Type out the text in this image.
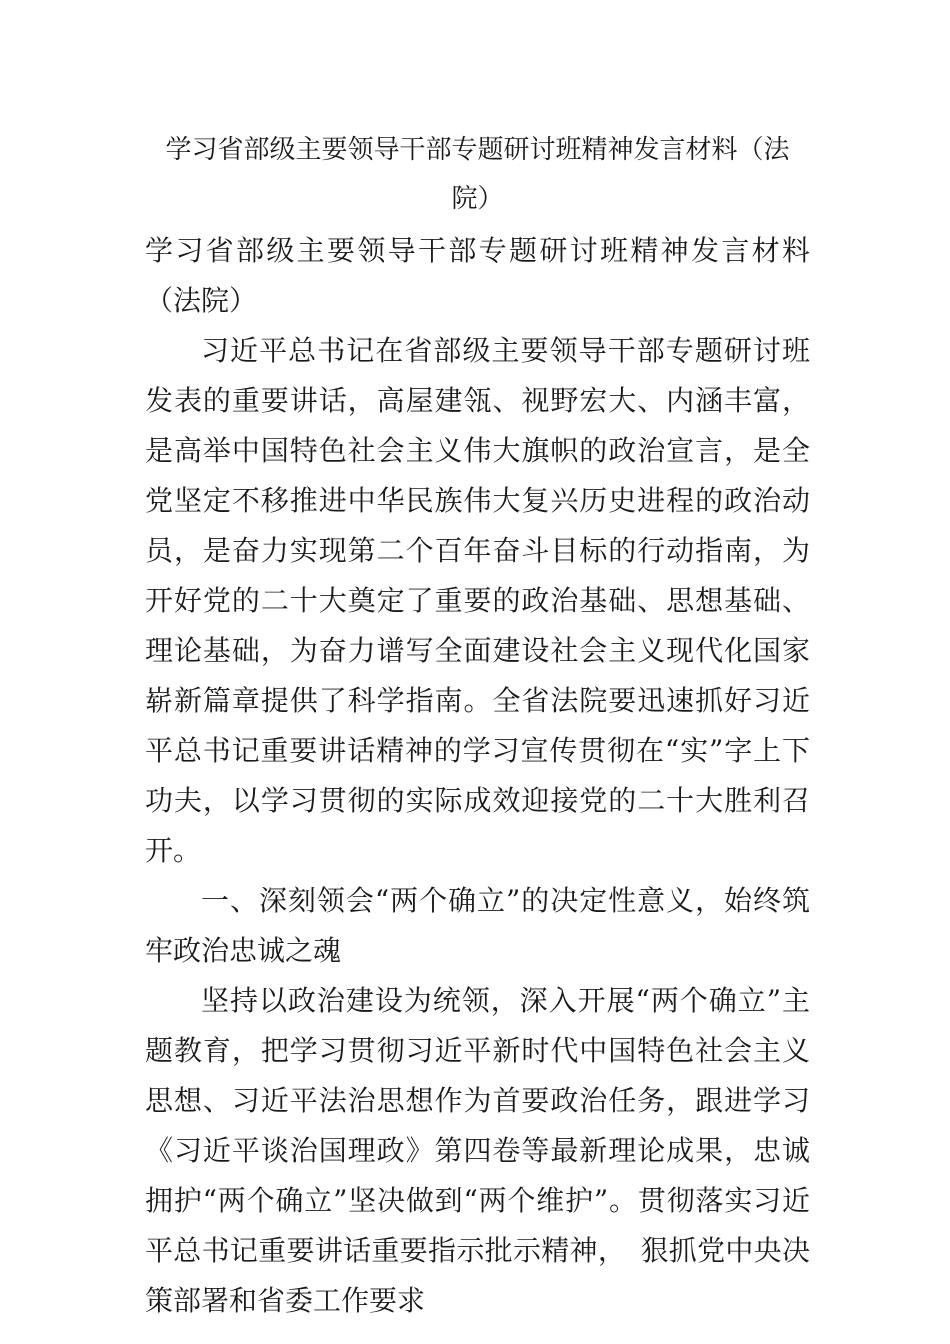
学习省部级主要领导干部专题研讨班精神发言材料（法院）

学习省部级主要领导干部专题研讨班精神发言材料（法院）

习近平总书记在省部级主要领导干部专题研讨班发表的重要讲话，高屋建瓴、视野宏大、内涵丰富，是高举中国特色社会主义伟大旗帜的政治宣言，是全党坚定不移推进中华民族伟大复兴历史进程的政治动员，是奋力实现第二个百年奋斗目标的行动指南，为开好党的二十大奠定了重要的政治基础、思想基础、理论基础，为奋力谱写全面建设社会主义现代化国家崭新篇章提供了科学指南。全省法院要迅速抓好习近平总书记重要讲话精神的学习宣传贯彻在“实”字上下功夫，以学习贯彻的实际成效迎接党的二十大胜利召开。

一、深刻领会“两个确立”的决定性意义，始终筑牢政治忠诚之魂

坚持以政治建设为统领，深入开展“两个确立”主题教育，把学习贯彻习近平新时代中国特色社会主义思想、习近平法治思想作为首要政治任务，跟进学习《习近平谈治国理政》第四卷等最新理论成果，忠诚拥护“两个确立”坚决做到“两个维护”。贯彻落实习近平总书记重要讲话重要指示批示精神，　狠抓党中央决策部署和省委工作要求
